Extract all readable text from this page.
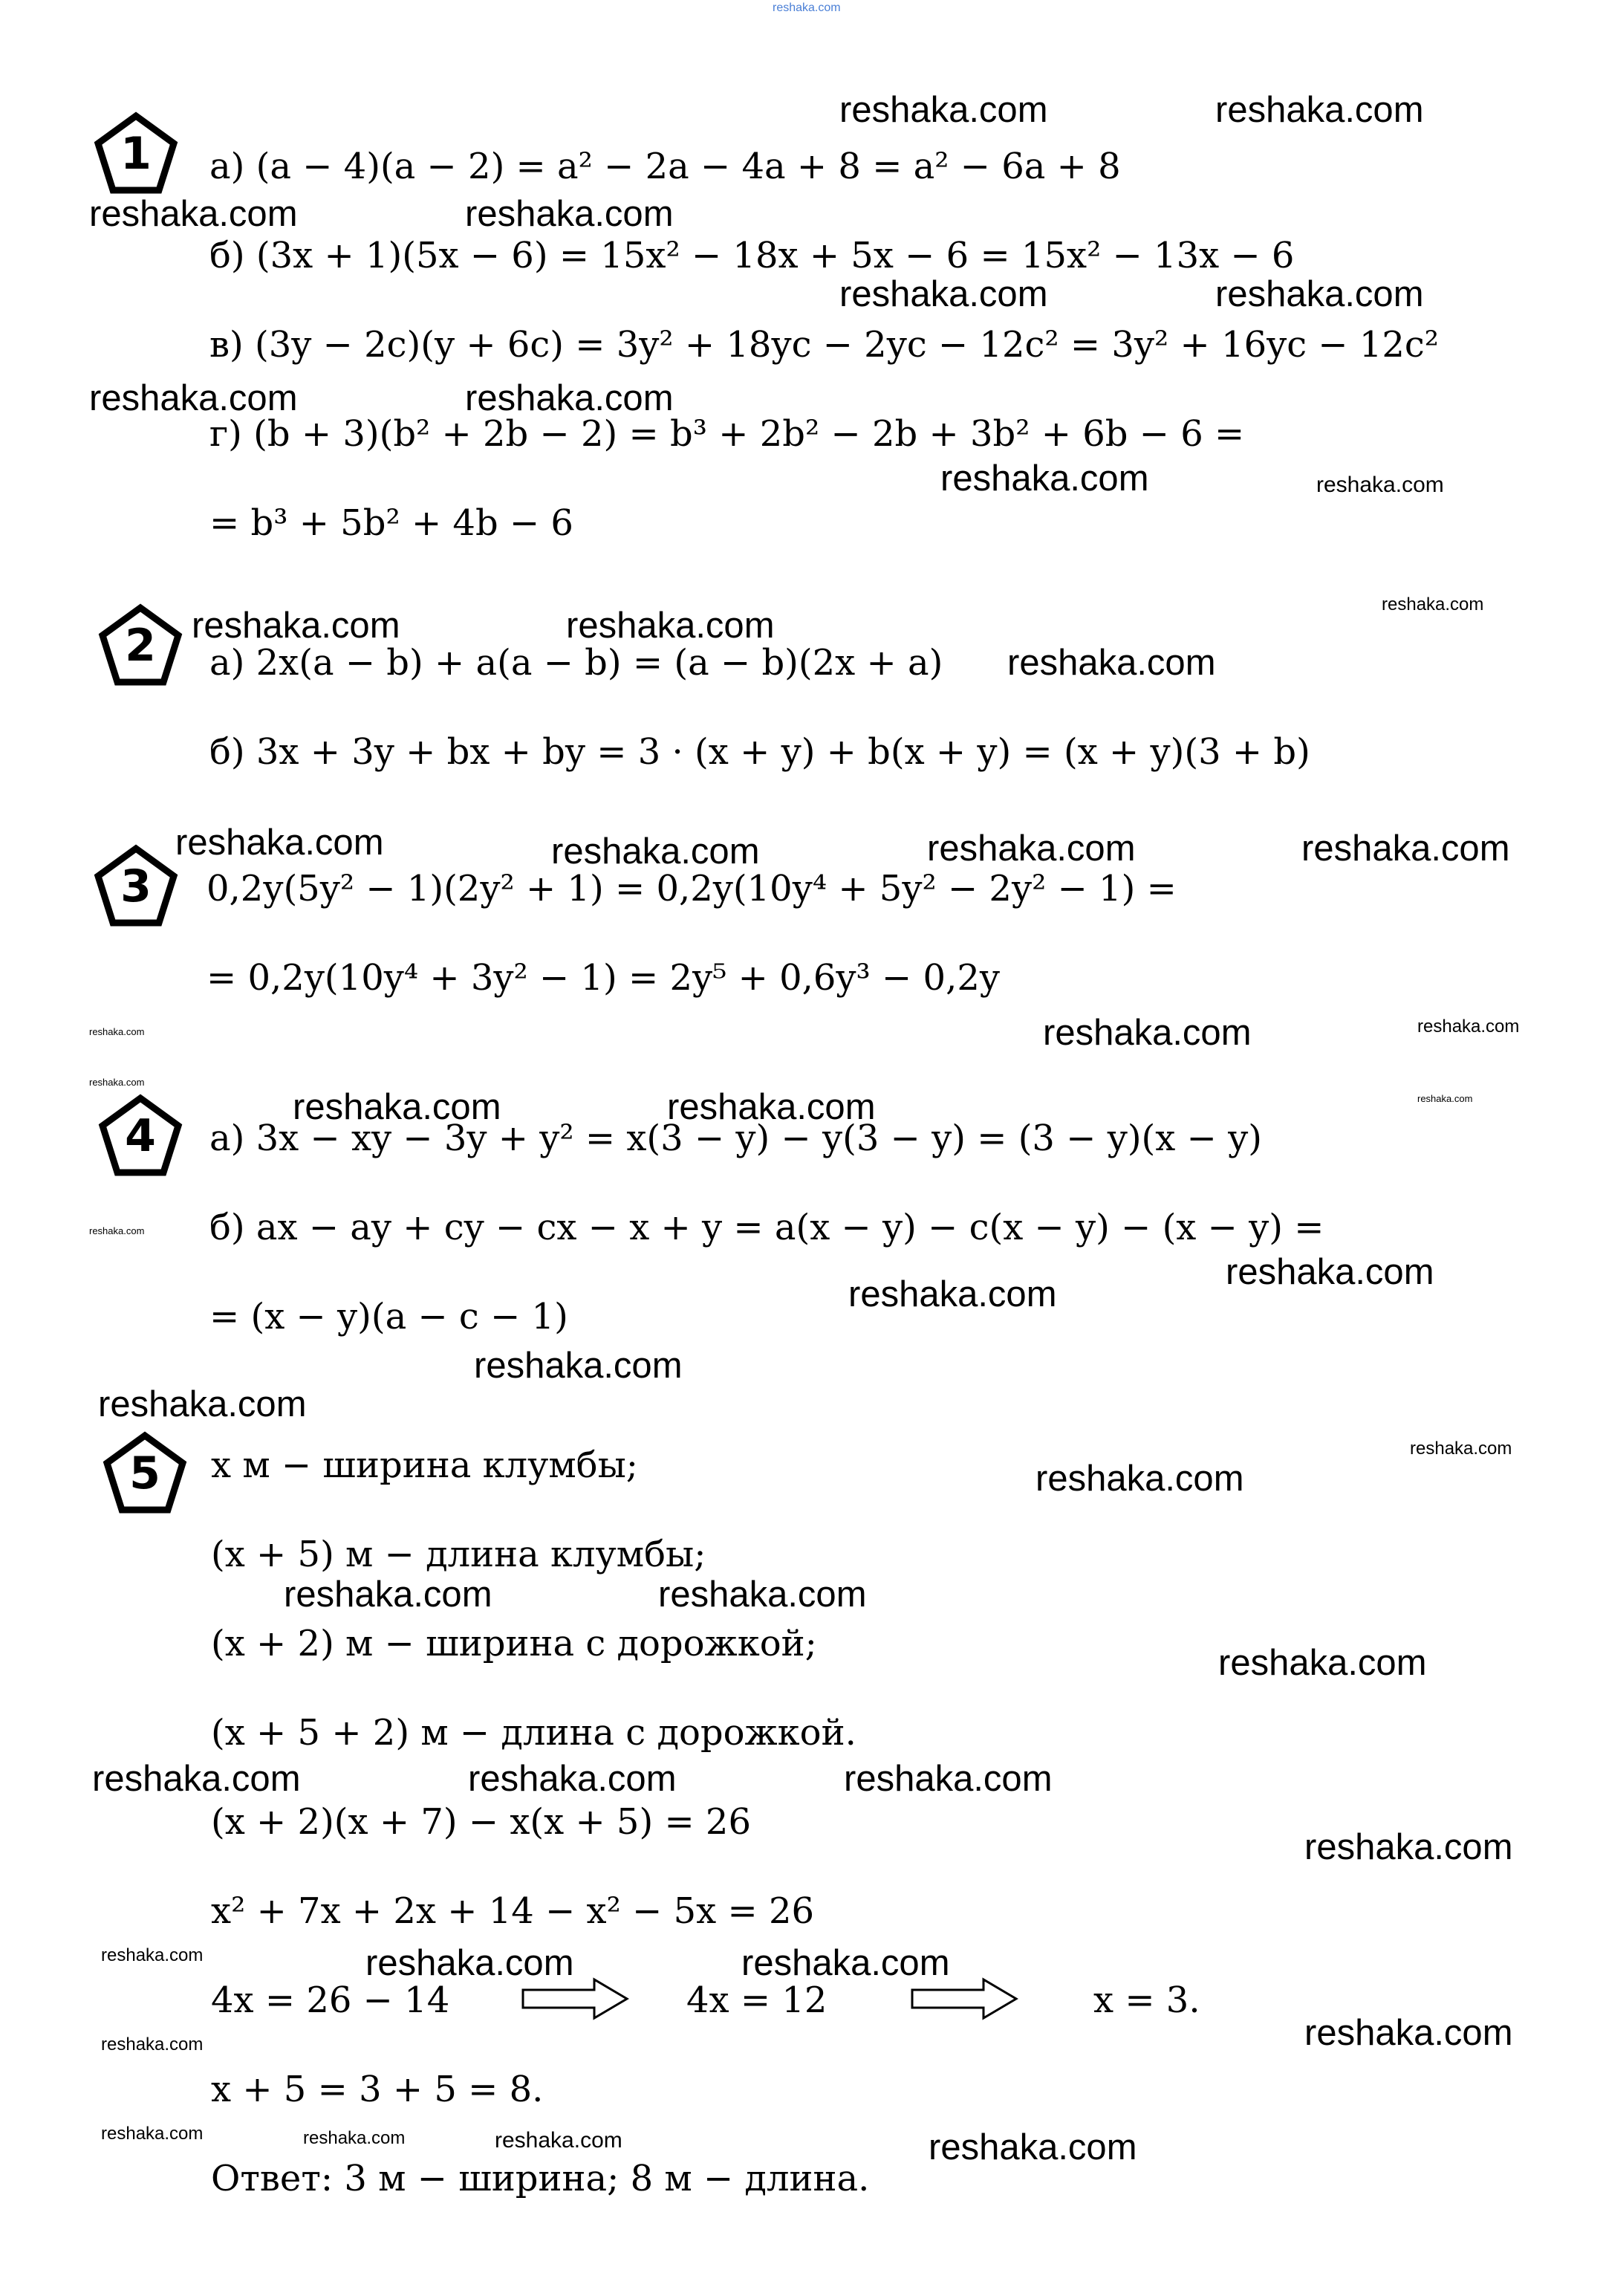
reshaka.com
1	а) (a − 4)(a − 2) = a² − 2a − 4a + 8 = a² − 6a + 8
б) (3x + 1)(5x − 6) = 15x² − 18x + 5x − 6 = 15x² − 13x − 6
в) (3y − 2c)(y + 6c) = 3y² + 18yc − 2yc − 12c² = 3y² + 16yc − 12c²
г) (b + 3)(b² + 2b − 2) = b³ + 2b² − 2b + 3b² + 6b − 6 =
= b³ + 5b² + 4b − 6
2	а) 2x(a − b) + a(a − b) = (a − b)(2x + a)
б) 3x + 3y + bx + by = 3 · (x + y) + b(x + y) = (x + y)(3 + b)
3	0,2y(5y² − 1)(2y² + 1) = 0,2y(10y⁴ + 5y² − 2y² − 1) =
= 0,2y(10y⁴ + 3y² − 1) = 2y⁵ + 0,6y³ − 0,2y
4	а) 3x − xy − 3y + y² = x(3 − y) − y(3 − y) = (3 − y)(x − y)
б) ax − ay + cy − cx − x + y = a(x − y) − c(x − y) − (x − y) =
= (x − y)(a − c − 1)
5	x м − ширина клумбы;
(x + 5) м − длина клумбы;
(x + 2) м − ширина с дорожкой;
(x + 5 + 2) м − длина с дорожкой.
(x + 2)(x + 7) − x(x + 5) = 26
x² + 7x + 2x + 14 − x² − 5x = 26
4x = 26 − 14	4x = 12	x = 3.
x + 5 = 3 + 5 = 8.
Ответ: 3 м − ширина; 8 м − длина.
reshaka.com	reshaka.com
reshaka.com	reshaka.com
reshaka.com	reshaka.com
reshaka.com	reshaka.com
reshaka.com	reshaka.com
reshaka.com
reshaka.com	reshaka.com
reshaka.com
reshaka.com	reshaka.com	reshaka.com	reshaka.com
reshaka.com	reshaka.com	reshaka.com
reshaka.com
reshaka.com	reshaka.com	reshaka.com
reshaka.com
reshaka.com
reshaka.com
reshaka.com
reshaka.com
reshaka.com
reshaka.com
reshaka.com	reshaka.com
reshaka.com
reshaka.com	reshaka.com	reshaka.com
reshaka.com
reshaka.com	reshaka.com	reshaka.com
reshaka.com	reshaka.com
reshaka.com	reshaka.com	reshaka.com	reshaka.com
